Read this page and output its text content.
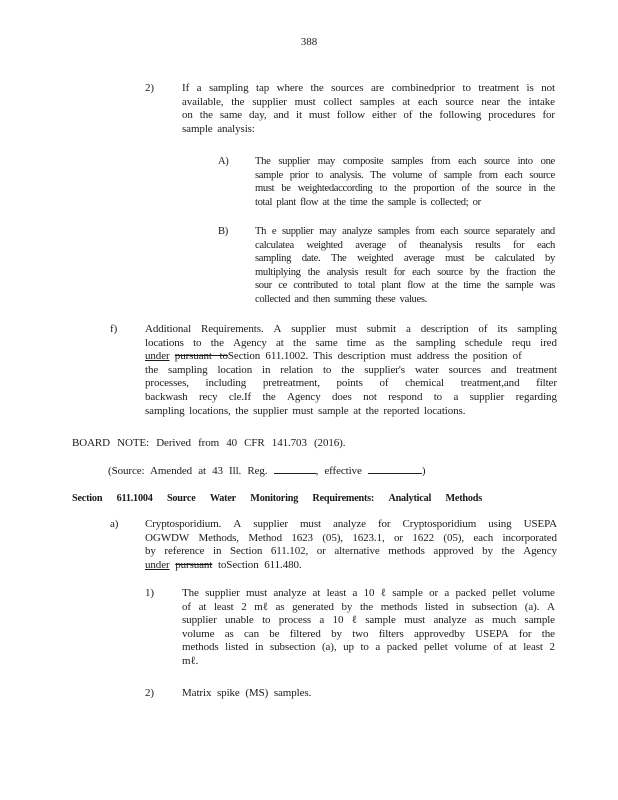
388
2)	If a sampling tap where the sources are combinedprior to treatment is not
available, the supplier must collect samples at each source near the intake
on the same day, and it must follow either of the following procedures for
sample analysis:
A)	The supplier may composite samples from each source into one
sample prior to analysis. The volume of sample from each source
must be weightedaccording to the proportion of the source in the
total plant flow at the time the sample is collected; or
B)	Th e supplier may analyze samples from each source separately and
calculatea weighted average of theanalysis results for each
sampling date. The weighted average must be calculated by
multiplying the analysis result for each source by the fraction the
sour ce contributed to total plant flow at the time the sample was
collected and then summing these values.
f)	Additional Requirements. A supplier must submit a description of its sampling
locations to the Agency at the same time as the sampling schedule requ ired
under pursuant toSection 611.1002. This description must address the position of
the sampling location in relation to the supplier's water sources and treatment
processes, including pretreatment, points of chemical treatment,and filter
backwash recy cle.If the Agency does not respond to a supplier regarding
sampling locations, the supplier must sample at the reported locations.
BOARD NOTE: Derived from 40 CFR 141.703 (2016).
(Source: Amended at 43 Ill. Reg.	, effective	)
Section 611.1004 Source Water Monitoring Requirements: Analytical Methods
a)	Cryptosporidium. A supplier must analyze for Cryptosporidium using USEPA
OGWDW Methods, Method 1623 (05), 1623.1, or 1622 (05), each incorporated
by reference in Section 611.102, or alternative methods approved by the Agency
under pursuant toSection 611.480.
1)	The supplier must analyze at least a 10 ℓ sample or a packed pellet volume
of at least 2 mℓ as generated by the methods listed in subsection (a). A
supplier unable to process a 10 ℓ sample must analyze as much sample
volume as can be filtered by two filters approvedby USEPA for the
methods listed in subsection (a), up to a packed pellet volume of at least 2
mℓ.
2)	Matrix spike (MS) samples.
